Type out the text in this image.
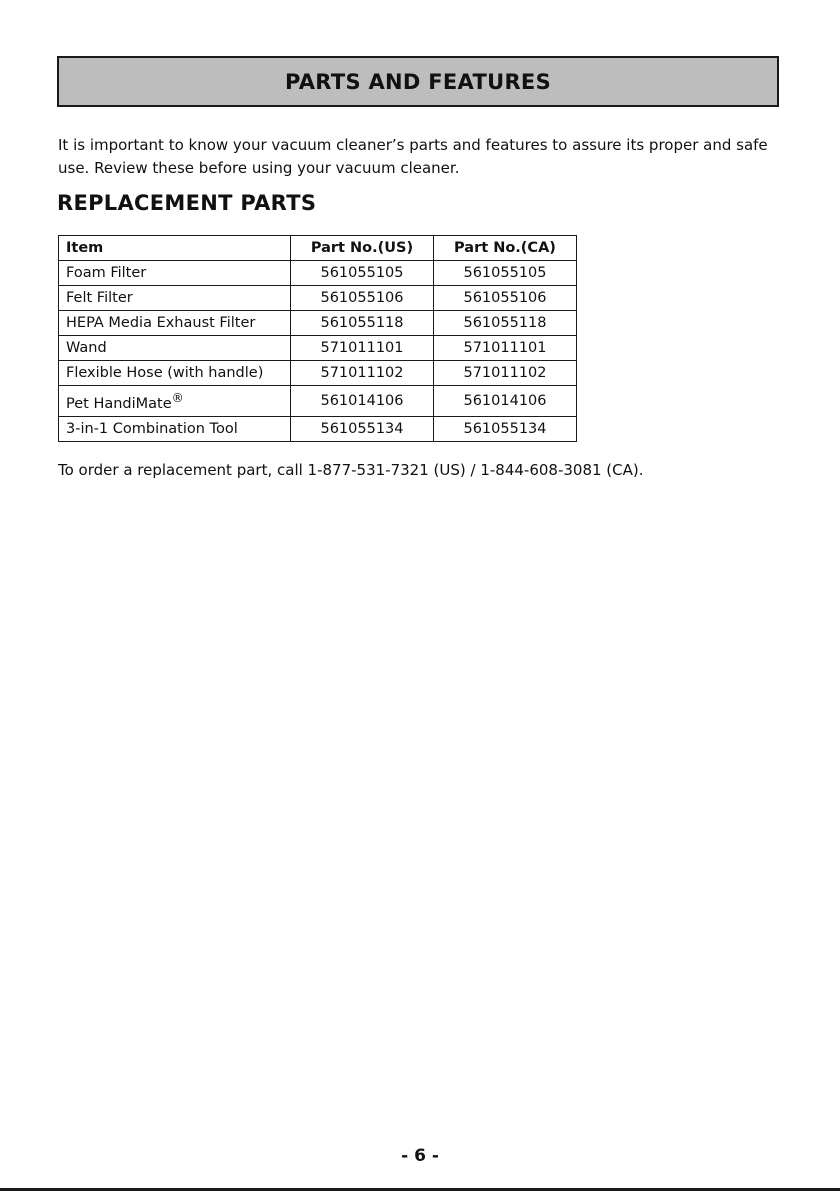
PARTS AND FEATURES

It is important to know your vacuum cleaner’s parts and features to assure its proper and safe use. Review these before using your vacuum cleaner.

REPLACEMENT PARTS
Item	Part No.(US)	Part No.(CA)
Foam Filter	561055105	561055105
Felt Filter	561055106	561055106
HEPA Media Exhaust Filter	561055118	561055118
Wand	571011101	571011101
Flexible Hose (with handle)	571011102	571011102
Pet HandiMate®	561014106	561014106
3-in-1 Combination Tool	561055134	561055134

To order a replacement part, call 1-877-531-7321 (US) / 1-844-608-3081 (CA).

- 6 -
